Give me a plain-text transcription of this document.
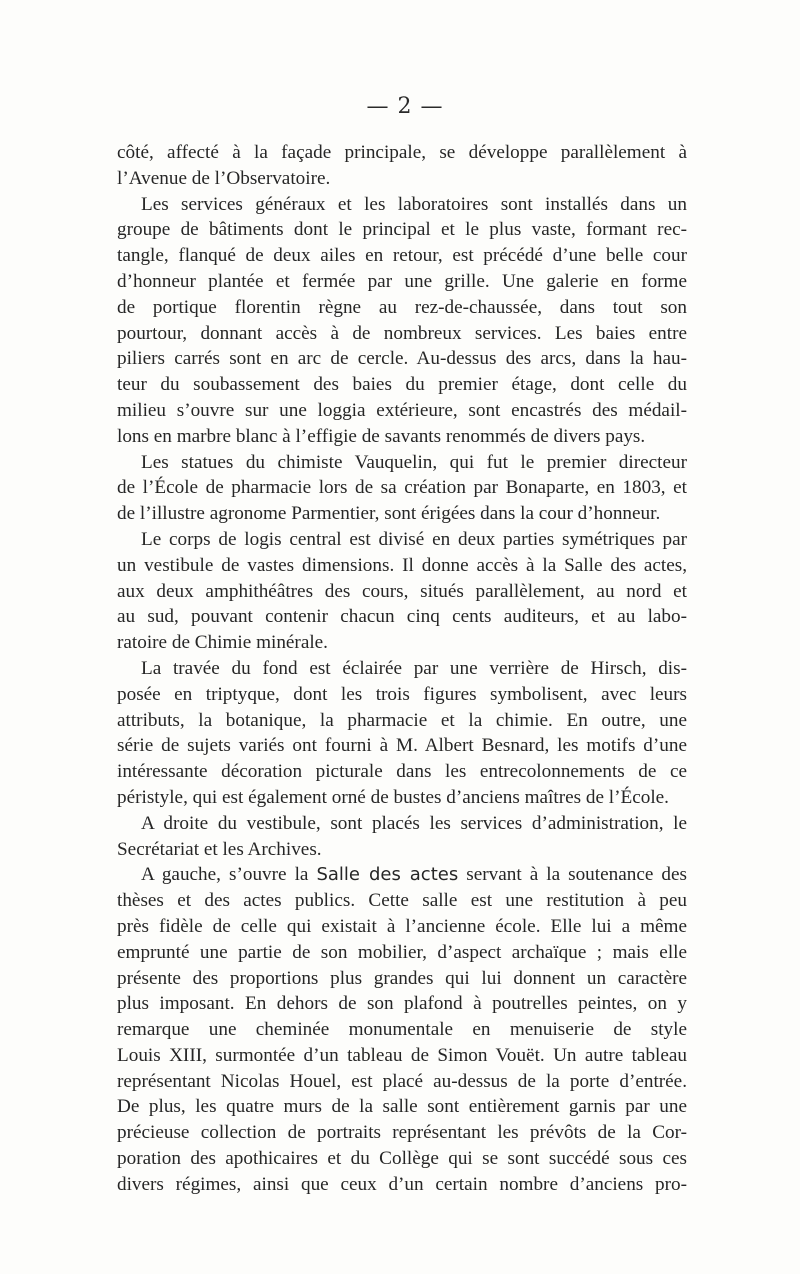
— 2 —
côté, affecté à la façade principale, se développe parallèlement à
l’Avenue de l’Observatoire.
Les services généraux et les laboratoires sont installés dans un
groupe de bâtiments dont le principal et le plus vaste, formant rec-
tangle, flanqué de deux ailes en retour, est précédé d’une belle cour
d’honneur plantée et fermée par une grille. Une galerie en forme
de portique florentin règne au rez-de-chaussée, dans tout son
pourtour, donnant accès à de nombreux services. Les baies entre
piliers carrés sont en arc de cercle. Au-dessus des arcs, dans la hau-
teur du soubassement des baies du premier étage, dont celle du
milieu s’ouvre sur une loggia extérieure, sont encastrés des médail-
lons en marbre blanc à l’effigie de savants renommés de divers pays.
Les statues du chimiste Vauquelin, qui fut le premier directeur
de l’École de pharmacie lors de sa création par Bonaparte, en 1803, et
de l’illustre agronome Parmentier, sont érigées dans la cour d’honneur.
Le corps de logis central est divisé en deux parties symétriques par
un vestibule de vastes dimensions. Il donne accès à la Salle des actes,
aux deux amphithéâtres des cours, situés parallèlement, au nord et
au sud, pouvant contenir chacun cinq cents auditeurs, et au labo-
ratoire de Chimie minérale.
La travée du fond est éclairée par une verrière de Hirsch, dis-
posée en triptyque, dont les trois figures symbolisent, avec leurs
attributs, la botanique, la pharmacie et la chimie. En outre, une
série de sujets variés ont fourni à M. Albert Besnard, les motifs d’une
intéressante décoration picturale dans les entrecolonnements de ce
péristyle, qui est également orné de bustes d’anciens maîtres de l’École.
A droite du vestibule, sont placés les services d’administration, le
Secrétariat et les Archives.
A gauche, s’ouvre la Salle des actes servant à la soutenance des
thèses et des actes publics. Cette salle est une restitution à peu
près fidèle de celle qui existait à l’ancienne école. Elle lui a même
emprunté une partie de son mobilier, d’aspect archaïque ; mais elle
présente des proportions plus grandes qui lui donnent un caractère
plus imposant. En dehors de son plafond à poutrelles peintes, on y
remarque une cheminée monumentale en menuiserie de style
Louis XIII, surmontée d’un tableau de Simon Vouët. Un autre tableau
représentant Nicolas Houel, est placé au-dessus de la porte d’entrée.
De plus, les quatre murs de la salle sont entièrement garnis par une
précieuse collection de portraits représentant les prévôts de la Cor-
poration des apothicaires et du Collège qui se sont succédé sous ces
divers régimes, ainsi que ceux d’un certain nombre d’anciens pro-
